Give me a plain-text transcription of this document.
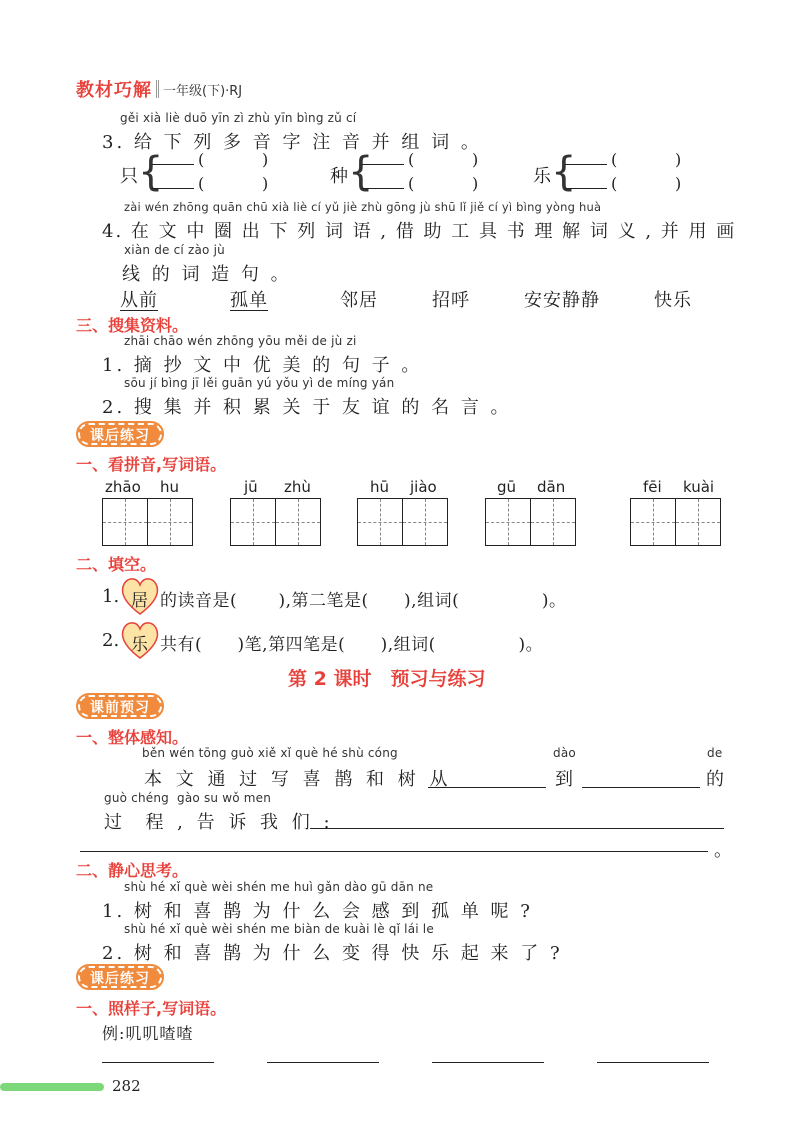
教材巧解 一年级(下)·RJ
gěi xià liè duō yīn zì zhù yīn bìng zǔ cí
3. 给 下 列 多 音 字 注 音 并 组 词 。
只
{ (	)
(	)	种
{ (	)
(	)	乐
{ (	)
(	)
zài wén zhōng quān chū xià liè cí yǔ jiè zhù gōng jù shū lǐ jiě cí yì bìng yòng huà
4. 在 文 中 圈 出 下 列 词 语 , 借 助 工 具 书 理 解 词 义 , 并 用 画
xiàn de cí zào jù
线 的 词 造 句 。
从前	孤单	邻居	招呼	安安静静	快乐
三、搜集资料。
zhāi chāo wén zhōng yōu měi de jù zi
1. 摘 抄 文 中 优 美 的 句 子 。
sōu jí bìng jī lěi guān yú yǒu yì de míng yán
2. 搜 集 并 积 累 关 于 友 谊 的 名 言 。
课后练习
一、看拼音,写词语。
zhāo hu	jū zhù	hū jiào	gū dān	fēi kuài
二、填空。
1. 居 的读音是(       ),第二笔是(      ),组词(              )。
2. 乐 共有(      )笔,第四笔是(      ),组词(              )。
第 2 课时　预习与练习
课前预习
一、整体感知。
běn wén tōng guò xiě xǐ què hé shù cóng	dào	de
本 文 通 过 写 喜 鹊 和 树 从	到	的
guò chéng  gào su wǒ men
过  程 , 告 诉 我 们 :
。
二、静心思考。
shù hé xǐ què wèi shén me huì gǎn dào gū dān ne
1. 树 和 喜 鹊 为 什 么 会 感 到 孤 单 呢 ?
shù hé xǐ què wèi shén me biàn de kuài lè qǐ lái le
2. 树 和 喜 鹊 为 什 么 变 得 快 乐 起 来 了 ?
课后练习
一、照样子,写词语。
例:叽叽喳喳
282
